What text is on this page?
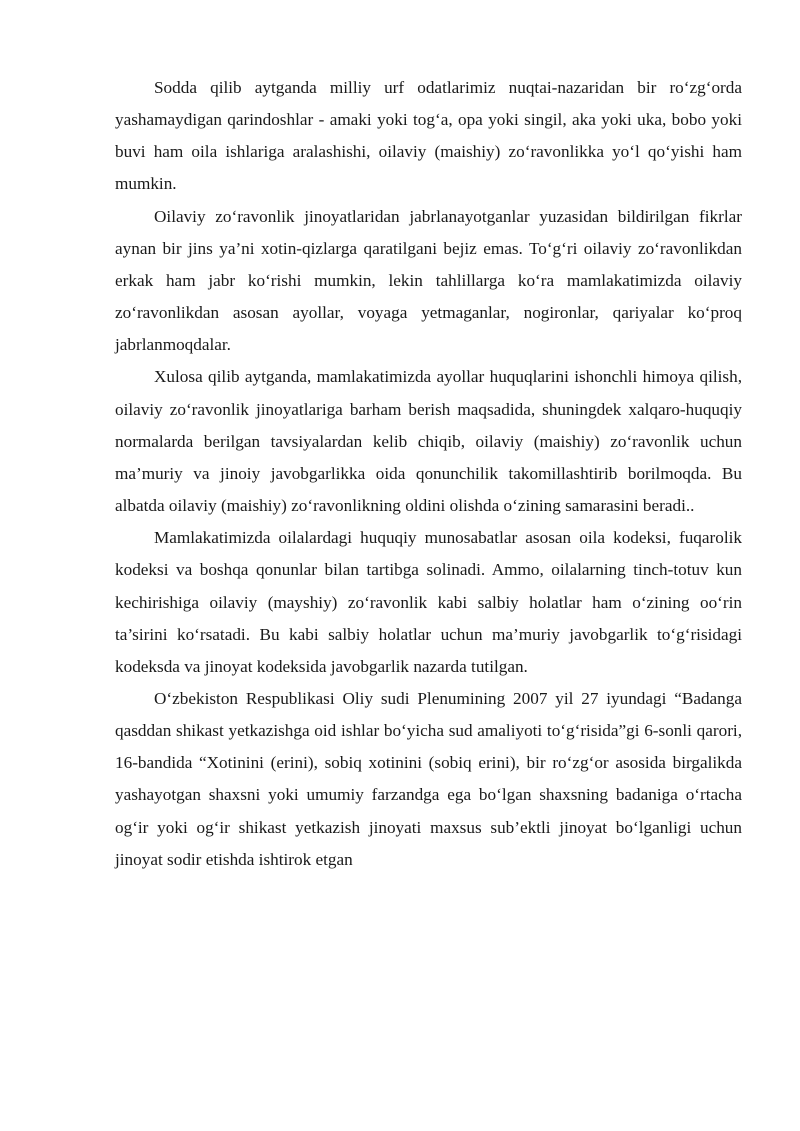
Sodda qilib aytganda milliy urf odatlarimiz nuqtai-nazaridan bir ro‘zg‘orda yashamaydigan qarindoshlar - amaki yoki tog‘a, opa yoki singil, aka yoki uka, bobo yoki buvi ham oila ishlariga aralashishi, oilaviy (maishiy) zo‘ravonlikka yo‘l qo‘yishi ham mumkin.

Oilaviy zo‘ravonlik jinoyatlaridan jabrlanayotganlar yuzasidan bildirilgan fikrlar aynan bir jins ya’ni xotin-qizlarga qaratilgani bejiz emas. To‘g‘ri oilaviy zo‘ravonlikdan erkak ham jabr ko‘rishi mumkin, lekin tahlillarga ko‘ra mamlakatimizda oilaviy zo‘ravonlikdan asosan ayollar, voyaga yetmaganlar, nogironlar, qariyalar ko‘proq jabrlanmoqdalar.

Xulosa qilib aytganda, mamlakatimizda ayollar huquqlarini ishonchli himoya qilish, oilaviy zo‘ravonlik jinoyatlariga barham berish maqsadida, shuningdek xalqaro-huquqiy normalarda berilgan tavsiyalardan kelib chiqib, oilaviy (maishiy) zo‘ravonlik uchun ma’muriy va jinoiy javobgarlikka oida qonunchilik takomillashtirib borilmoqda. Bu albatda oilaviy (maishiy) zo‘ravonlikning oldini olishda o‘zining samarasini beradi..

Mamlakatimizda oilalardagi huquqiy munosabatlar asosan oila kodeksi, fuqarolik kodeksi va boshqa qonunlar bilan tartibga solinadi. Ammo, oilalarning tinch-totuv kun kechirishiga oilaviy (mayshiy) zo‘ravonlik kabi salbiy holatlar ham o‘zining oo‘rin ta’sirini ko‘rsatadi. Bu kabi salbiy holatlar uchun ma’muriy javobgarlik to‘g‘risidagi kodeksda va jinoyat kodeksida javobgarlik nazarda tutilgan.

O‘zbekiston Respublikasi Oliy sudi Plenumining 2007 yil 27 iyundagi “Badanga qasddan shikast yetkazishga oid ishlar bo‘yicha sud amaliyoti to‘g‘risida”gi 6-sonli qarori, 16-bandida “Xotinini (erini), sobiq xotinini (sobiq erini), bir ro‘zg‘or asosida birgalikda yashayotgan shaxsni yoki umumiy farzandga ega bo‘lgan shaxsning badaniga o‘rtacha og‘ir yoki og‘ir shikast yetkazish jinoyati maxsus sub’ektli jinoyat bo‘lganligi uchun jinoyat sodir etishda ishtirok etgan
